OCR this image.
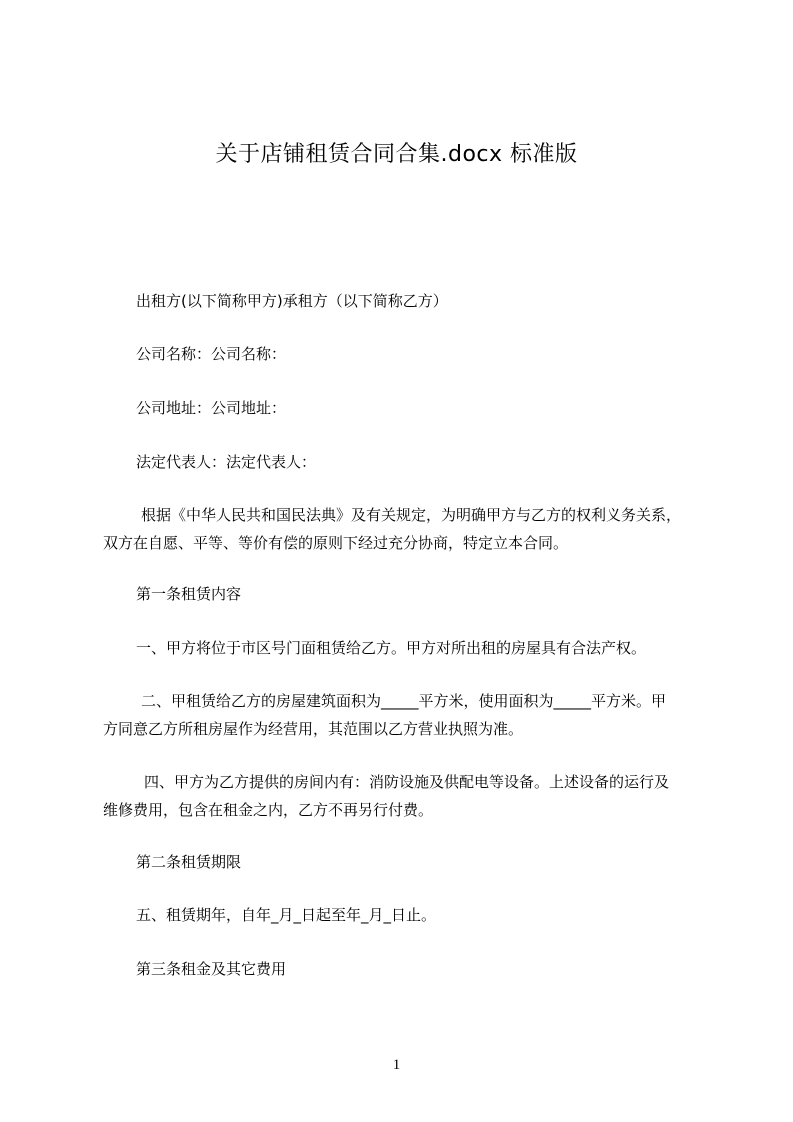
关于店铺租赁合同合集.docx 标准版
出租方(以下简称甲方)承租方（以下简称乙方）
公司名称：公司名称：
公司地址：公司地址：
法定代表人：法定代表人：
根据《中华人民共和国民法典》及有关规定，为明确甲方与乙方的权利义务关系，
双方在自愿、平等、等价有偿的原则下经过充分协商，特定立本合同。
第一条租赁内容
一、甲方将位于市区号门面租赁给乙方。甲方对所出租的房屋具有合法产权。
二、甲租赁给乙方的房屋建筑面积为_____平方米，使用面积为_____平方米。甲
方同意乙方所租房屋作为经营用，其范围以乙方营业执照为准。
四、甲方为乙方提供的房间内有：消防设施及供配电等设备。上述设备的运行及
维修费用，包含在租金之内，乙方不再另行付费。
第二条租赁期限
五、租赁期年，自年_月_日起至年_月_日止。
第三条租金及其它费用
1
